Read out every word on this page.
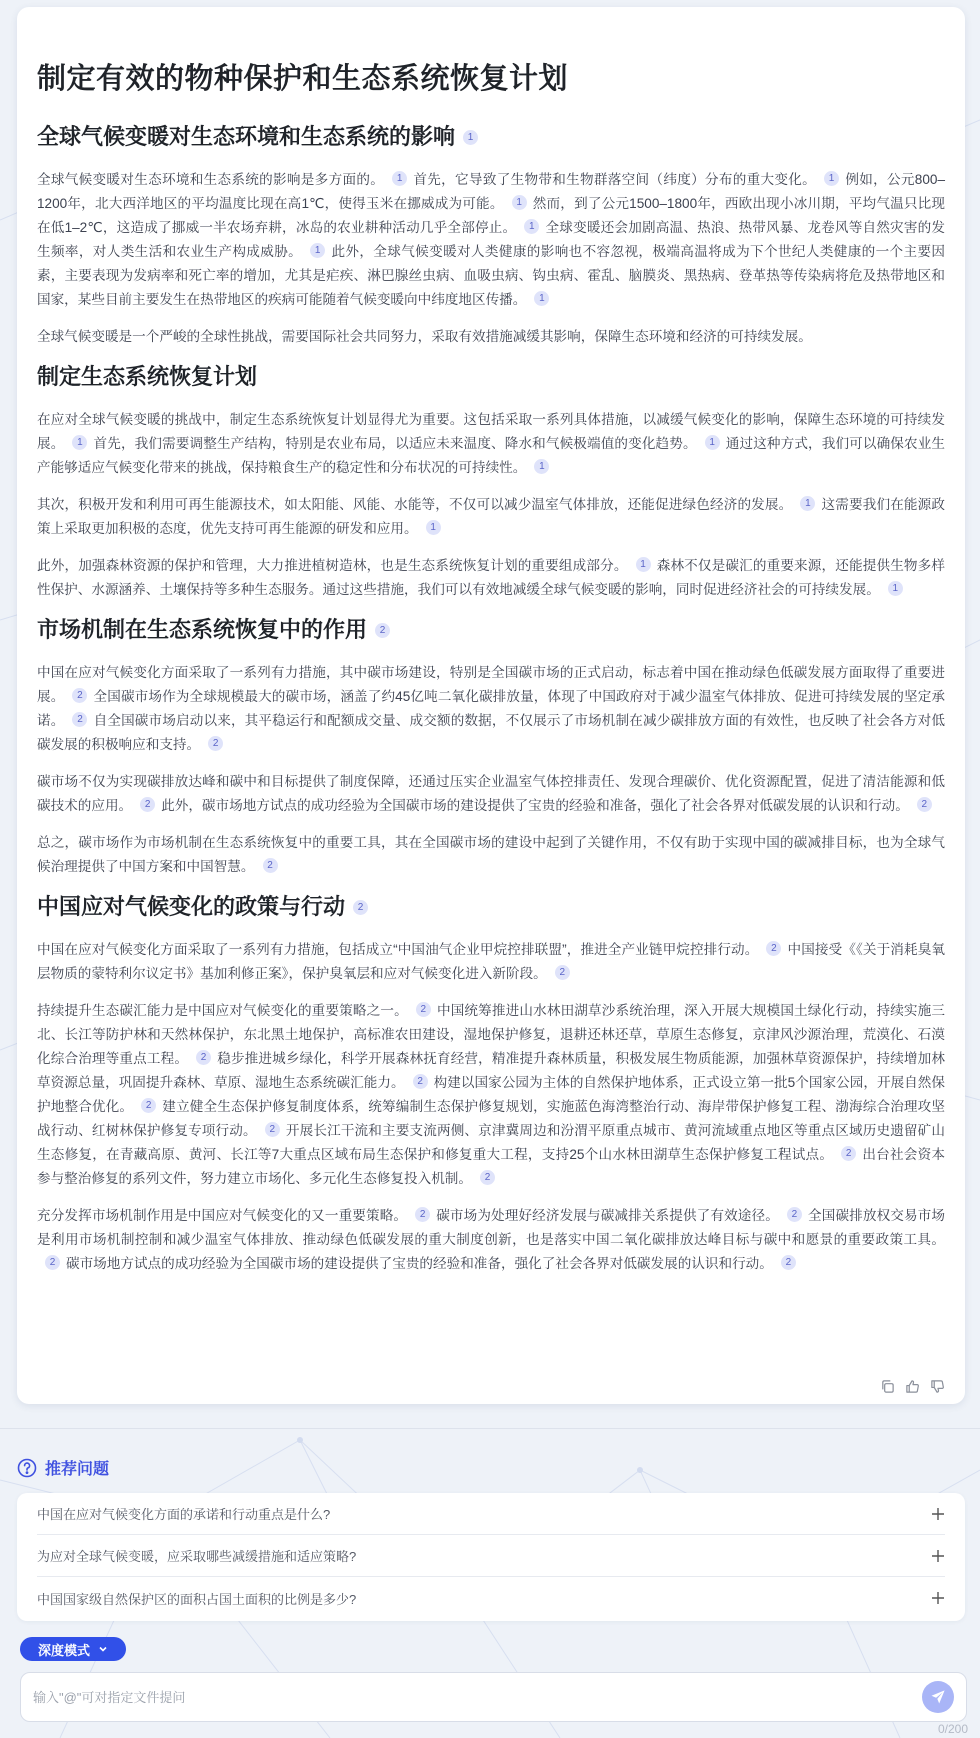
制定有效的物种保护和生态系统恢复计划
全球气候变暖对生态环境和生态系统的影响	1

全球气候变暖对生态环境和生态系统的影响是多方面的。 1 首先，它导致了生物带和生物群落空间（纬度）分布的重大变化。 1 例如，公元800–1200年，北大西洋地区的平均温度比现在高1℃，使得玉米在挪威成为可能。 1 然而，到了公元1500–1800年，西欧出现小冰川期，平均气温只比现在低1–2℃，这造成了挪威一半农场弃耕，冰岛的农业耕种活动几乎全部停止。 1 全球变暖还会加剧高温、热浪、热带风暴、龙卷风等自然灾害的发生频率，对人类生活和农业生产构成威胁。 1 此外，全球气候变暖对人类健康的影响也不容忽视，极端高温将成为下个世纪人类健康的一个主要因素，主要表现为发病率和死亡率的增加，尤其是疟疾、淋巴腺丝虫病、血吸虫病、钩虫病、霍乱、脑膜炎、黑热病、登革热等传染病将危及热带地区和国家，某些目前主要发生在热带地区的疾病可能随着气候变暖向中纬度地区传播。 1

全球气候变暖是一个严峻的全球性挑战，需要国际社会共同努力，采取有效措施减缓其影响，保障生态环境和经济的可持续发展。

制定生态系统恢复计划

在应对全球气候变暖的挑战中，制定生态系统恢复计划显得尤为重要。这包括采取一系列具体措施，以减缓气候变化的影响，保障生态环境的可持续发展。 1 首先，我们需要调整生产结构，特别是农业布局，以适应未来温度、降水和气候极端值的变化趋势。 1 通过这种方式，我们可以确保农业生产能够适应气候变化带来的挑战，保持粮食生产的稳定性和分布状况的可持续性。 1

其次，积极开发和利用可再生能源技术，如太阳能、风能、水能等，不仅可以减少温室气体排放，还能促进绿色经济的发展。 1 这需要我们在能源政策上采取更加积极的态度，优先支持可再生能源的研发和应用。 1

此外，加强森林资源的保护和管理，大力推进植树造林，也是生态系统恢复计划的重要组成部分。 1 森林不仅是碳汇的重要来源，还能提供生物多样性保护、水源涵养、土壤保持等多种生态服务。通过这些措施，我们可以有效地减缓全球气候变暖的影响，同时促进经济社会的可持续发展。 1

市场机制在生态系统恢复中的作用	2

中国在应对气候变化方面采取了一系列有力措施，其中碳市场建设，特别是全国碳市场的正式启动，标志着中国在推动绿色低碳发展方面取得了重要进展。 2 全国碳市场作为全球规模最大的碳市场，涵盖了约45亿吨二氧化碳排放量，体现了中国政府对于减少温室气体排放、促进可持续发展的坚定承诺。 2 自全国碳市场启动以来，其平稳运行和配额成交量、成交额的数据，不仅展示了市场机制在减少碳排放方面的有效性，也反映了社会各方对低碳发展的积极响应和支持。 2

碳市场不仅为实现碳排放达峰和碳中和目标提供了制度保障，还通过压实企业温室气体控排责任、发现合理碳价、优化资源配置，促进了清洁能源和低碳技术的应用。 2 此外，碳市场地方试点的成功经验为全国碳市场的建设提供了宝贵的经验和准备，强化了社会各界对低碳发展的认识和行动。 2

总之，碳市场作为市场机制在生态系统恢复中的重要工具，其在全国碳市场的建设中起到了关键作用，不仅有助于实现中国的碳减排目标，也为全球气候治理提供了中国方案和中国智慧。 2

中国应对气候变化的政策与行动	2

中国在应对气候变化方面采取了一系列有力措施，包括成立“中国油气企业甲烷控排联盟”，推进全产业链甲烷控排行动。 2 中国接受《《关于消耗臭氧层物质的蒙特利尔议定书》基加利修正案》，保护臭氧层和应对气候变化进入新阶段。 2

持续提升生态碳汇能力是中国应对气候变化的重要策略之一。 2 中国统筹推进山水林田湖草沙系统治理，深入开展大规模国土绿化行动，持续实施三北、长江等防护林和天然林保护，东北黑土地保护，高标准农田建设，湿地保护修复，退耕还林还草，草原生态修复，京津风沙源治理，荒漠化、石漠化综合治理等重点工程。 2 稳步推进城乡绿化，科学开展森林抚育经营，精准提升森林质量，积极发展生物质能源，加强林草资源保护，持续增加林草资源总量，巩固提升森林、草原、湿地生态系统碳汇能力。 2 构建以国家公园为主体的自然保护地体系，正式设立第一批5个国家公园，开展自然保护地整合优化。 2 建立健全生态保护修复制度体系，统筹编制生态保护修复规划，实施蓝色海湾整治行动、海岸带保护修复工程、渤海综合治理攻坚战行动、红树林保护修复专项行动。 2 开展长江干流和主要支流两侧、京津冀周边和汾渭平原重点城市、黄河流域重点地区等重点区域历史遗留矿山生态修复，在青藏高原、黄河、长江等7大重点区域布局生态保护和修复重大工程，支持25个山水林田湖草生态保护修复工程试点。 2 出台社会资本参与整治修复的系列文件，努力建立市场化、多元化生态修复投入机制。 2

充分发挥市场机制作用是中国应对气候变化的又一重要策略。 2 碳市场为处理好经济发展与碳减排关系提供了有效途径。 2 全国碳排放权交易市场是利用市场机制控制和减少温室气体排放、推动绿色低碳发展的重大制度创新，也是落实中国二氧化碳排放达峰目标与碳中和愿景的重要政策工具。2 碳市场地方试点的成功经验为全国碳市场的建设提供了宝贵的经验和准备，强化了社会各界对低碳发展的认识和行动。 2

推荐问题
中国在应对气候变化方面的承诺和行动重点是什么?
为应对全球气候变暖，应采取哪些减缓措施和适应策略?
中国国家级自然保护区的面积占国土面积的比例是多少?
深度模式
输入"@"可对指定文件提问
0/200
